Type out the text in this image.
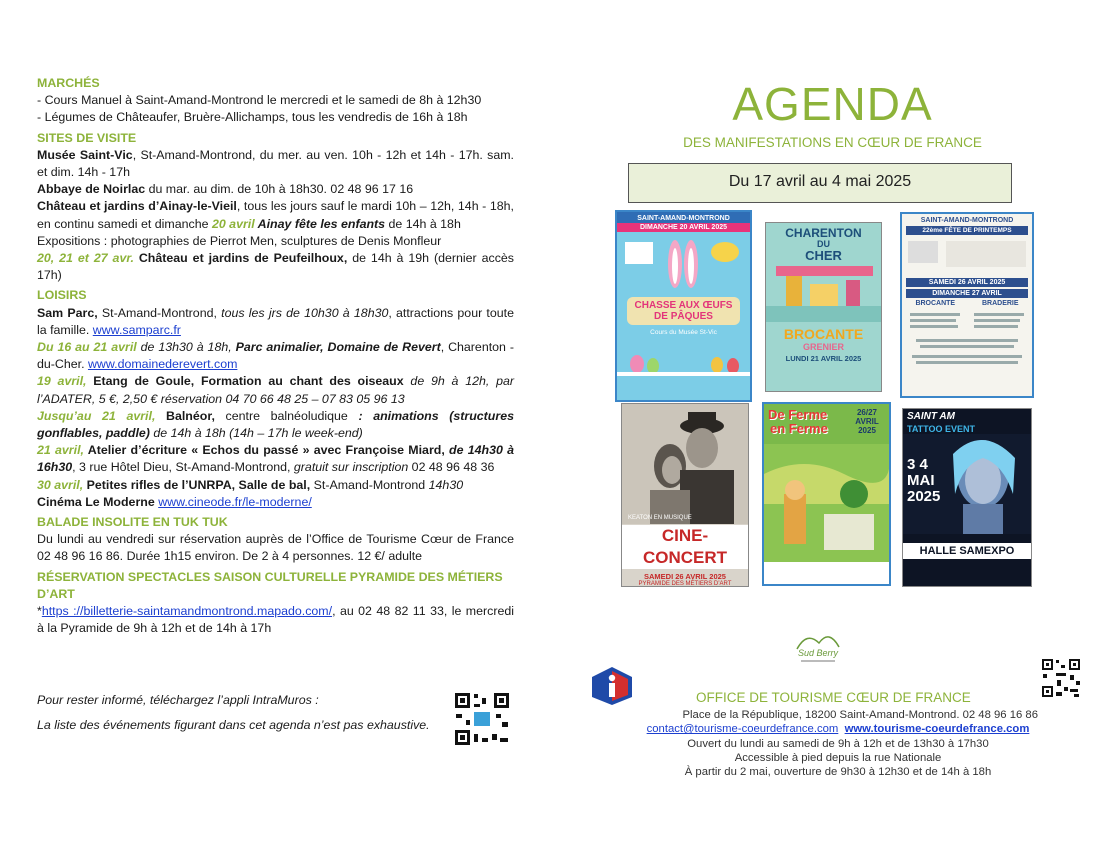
MARCHÉS
- Cours Manuel à Saint-Amand-Montrond le mercredi et le samedi de 8h à 12h30
- Légumes de Châteaufer, Bruère-Allichamps, tous les vendredis de 16h à 18h
SITES DE VISITE

Musée Saint-Vic, St-Amand-Montrond, du mer. au ven. 10h - 12h et 14h - 17h. sam. et dim. 14h - 17h

Abbaye de Noirlac du mar. au dim. de 10h à 18h30. 02 48 96 17 16

Château et jardins d’Ainay-le-Vieil, tous les jours sauf le mardi 10h – 12h, 14h - 18h, en continu samedi et dimanche 20 avril Ainay fête les enfants de 14h à 18h

Expositions : photographies de Pierrot Men, sculptures de Denis Monfleur

20, 21 et 27 avr. Château et jardins de Peufeilhoux, de 14h à 19h (dernier accès 17h)

LOISIRS

Sam Parc, St-Amand-Montrond, tous les jrs de 10h30 à 18h30, attractions pour toute la famille. www.samparc.fr

Du 16 au 21 avril de 13h30 à 18h, Parc animalier, Domaine de Revert, Charenton -du-Cher. www.domainederevert.com

19 avril, Etang de Goule, Formation au chant des oiseaux de 9h à 12h, par l’ADATER, 5 €, 2,50 € réservation 04 70 66 48 25 – 07 83 05 96 13

Jusqu’au 21 avril, Balnéor, centre balnéoludique : animations (structures gonflables, paddle) de 14h à 18h (14h – 17h le week-end)

21 avril, Atelier d’écriture « Echos du passé » avec Françoise Miard, de 14h30 à 16h30, 3 rue Hôtel Dieu, St-Amand-Montrond, gratuit sur inscription 02 48 96 48 36

30 avril, Petites rifles de l’UNRPA, Salle de bal, St-Amand-Montrond 14h30

Cinéma Le Moderne www.cineode.fr/le-moderne/

BALADE INSOLITE EN TUK TUK

Du lundi au vendredi sur réservation auprès de l’Office de Tourisme Cœur de France 02 48 96 16 86. Durée 1h15 environ. De 2 à 4 personnes. 12 €/ adulte

RÉSERVATION SPECTACLES SAISON CULTURELLE PYRAMIDE DES MÉTIERS D’ART

*https ://billetterie-saintamandmontrond.mapado.com/, au 02 48 82 11 33, le mercredi à la Pyramide de 9h à 12h et de 14h à 17h

Pour rester informé, téléchargez l’appli IntraMuros :
La liste des événements figurant dans cet agenda n’est pas exhaustive.
AGENDA
DES MANIFESTATIONS EN CŒUR DE FRANCE
Du 17 avril au 4 mai 2025
SAINT-AMAND-MONTROND
DIMANCHE 20 AVRIL 2025
CHASSE AUX ŒUFS DE PÂQUES
Cours du Musée St-Vic
CHARENTON
DU
CHER
BROCANTE
GRENIER
LUNDI 21 AVRIL 2025
SAINT-AMAND-MONTROND
22ème FÊTE DE PRINTEMPS
SAMEDI 26 AVRIL 2025
DIMANCHE 27 AVRIL
BROCANTE	BRADERIE
KEATON EN MUSIQUE
CINE-CONCERT
SAMEDI 26 AVRIL 2025
PYRAMIDE DES MÉTIERS D’ART
De Ferme
en Ferme
26/27 AVRIL 2025
SAINT AM
TATTOO EVENT
3 4 MAI 2025
HALLE SAMEXPO
Sud Berry
OFFICE DE TOURISME CŒUR DE FRANCE
Place de la République, 18200 Saint-Amand-Montrond. 02 48 96 16 86
contact@tourisme-coeurdefrance.com www.tourisme-coeurdefrance.com
Ouvert du lundi au samedi de 9h à 12h et de 13h30 à 17h30
Accessible à pied depuis la rue Nationale
À partir du 2 mai, ouverture de 9h30 à 12h30 et de 14h à 18h
